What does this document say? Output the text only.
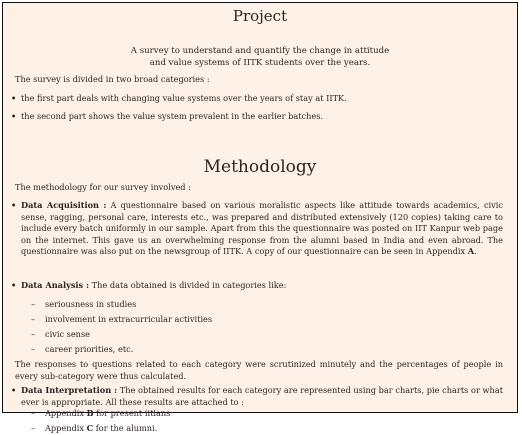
Project
A survey to understand and quantify the change in attitude
and value systems of IITK students over the years.
The survey is divided in two broad categories :
• the first part deals with changing value systems over the years of stay at IITK.
• the second part shows the value system prevalent in the earlier batches.
Methodology
The methodology for our survey involved :
• Data Acquisition : A questionnaire based on various moralistic aspects like attitude towards academics, civic sense, ragging, personal care, interests etc., was prepared and distributed extensively (120 copies) taking care to include every batch uniformly in our sample. Apart from this the questionnaire was posted on IIT Kanpur web page on the internet. This gave us an overwhelming response from the alumni based in India and even abroad. The questionnaire was also put on the newsgroup of IITK. A copy of our questionnaire can be seen in Appendix A.
• Data Analysis : The data obtained is divided in categories like:
– seriousness in studies
– involvement in extracurricular activities
– civic sense
– career priorities, etc.
The responses to questions related to each category were scrutinized minutely and the percentages of people in every sub-category were thus calculated.
• Data Interpretation : The obtained results for each category are represented using bar charts, pie charts or what ever is appropriate. All these results are attached to :
– Appendix B for present iitians
– Appendix C for the alumni.
